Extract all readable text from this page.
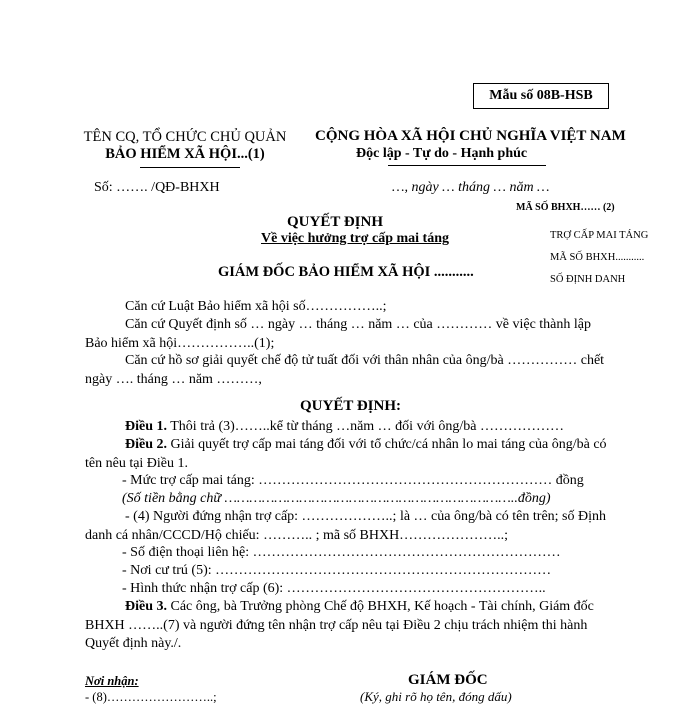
Mẫu số 08B-HSB
TÊN CQ, TỔ CHỨC CHỦ QUẢN
BẢO HIỂM XÃ HỘI...(1)
CỘNG HÒA XÃ HỘI CHỦ NGHĨA VIỆT NAM
Độc lập - Tự do - Hạnh phúc
Số: ……. /QĐ-BHXH	…, ngày … tháng … năm …
MÃ SỐ BHXH…… (2)
QUYẾT ĐỊNH
Về việc hưởng trợ cấp mai táng	TRỢ CẤP MAI TÁNG
MÃ SỐ BHXH...........
SỐ ĐỊNH DANH
GIÁM ĐỐC BẢO HIỂM XÃ HỘI ...........
Căn cứ Luật Bảo hiểm xã hội số……………..;
Căn cứ Quyết định số … ngày … tháng … năm … của ………… về việc thành lập Bảo hiểm xã hội……………..(1);
Căn cứ hồ sơ giải quyết chế độ tử tuất đối với thân nhân của ông/bà …………… chết ngày …. tháng … năm ………,
QUYẾT ĐỊNH:
Điều 1. Thôi trả (3)……..kể từ tháng …năm … đối với ông/bà ………………
Điều 2. Giải quyết trợ cấp mai táng đối với tổ chức/cá nhân lo mai táng của ông/bà có tên nêu tại Điều 1.
- Mức trợ cấp mai táng: ……………………………………………………… đồng
(Số tiền bằng chữ ……………………………………………………………..đồng)
- (4) Người đứng nhận trợ cấp: ………………..; là … của ông/bà có tên trên; số Định danh cá nhân/CCCD/Hộ chiếu: ……….. ; mã số BHXH…………………..;
- Số điện thoại liên hệ: …………………………………………………………
- Nơi cư trú (5): ………………………………………………………………
- Hình thức nhận trợ cấp (6): ………………………………………………..
Điều 3. Các ông, bà Trưởng phòng Chế độ BHXH, Kế hoạch - Tài chính, Giám đốc BHXH ……..(7) và người đứng tên nhận trợ cấp nêu tại Điều 2 chịu trách nhiệm thi hành Quyết định này./.
Nơi nhận:
- (8)……………………..;
GIÁM ĐỐC
(Ký, ghi rõ họ tên, đóng dấu)
